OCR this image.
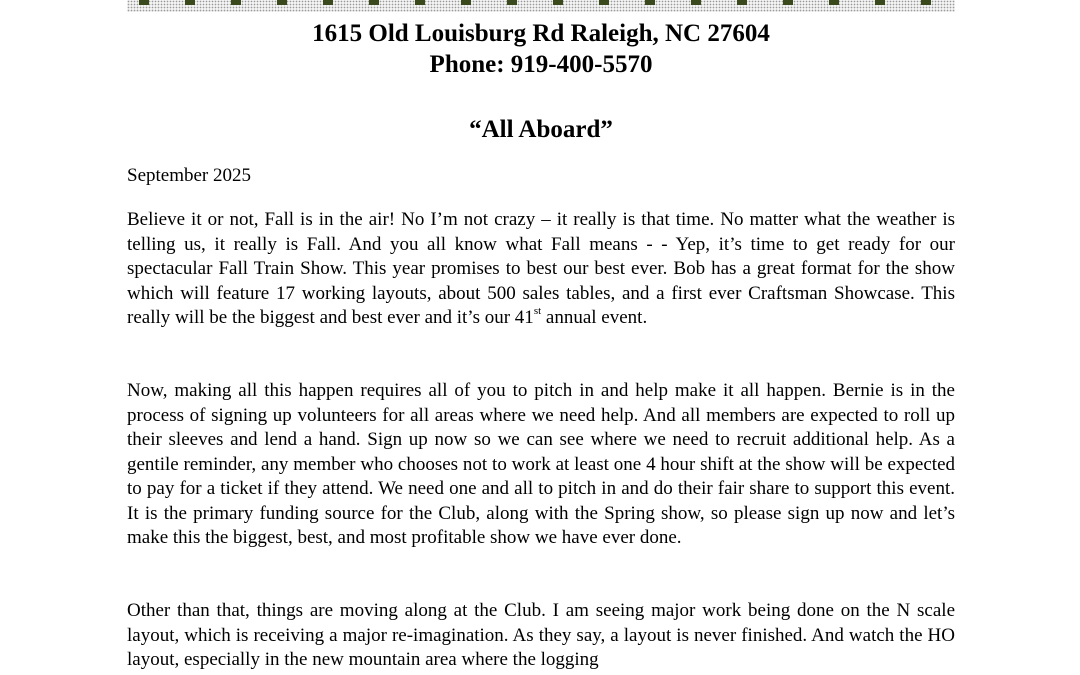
1615 Old Louisburg Rd Raleigh, NC 27604
Phone: 919-400-5570
“All Aboard”
September 2025

Believe it or not, Fall is in the air! No I’m not crazy – it really is that time. No matter what the weather is telling us, it really is Fall. And you all know what Fall means - - Yep, it’s time to get ready for our spectacular Fall Train Show. This year promises to best our best ever. Bob has a great format for the show which will feature 17 working layouts, about 500 sales tables, and a first ever Craftsman Showcase. This really will be the biggest and best ever and it’s our 41st annual event.

Now, making all this happen requires all of you to pitch in and help make it all happen. Bernie is in the process of signing up volunteers for all areas where we need help. And all members are expected to roll up their sleeves and lend a hand. Sign up now so we can see where we need to recruit additional help. As a gentile reminder, any member who chooses not to work at least one 4 hour shift at the show will be expected to pay for a ticket if they attend. We need one and all to pitch in and do their fair share to support this event. It is the primary funding source for the Club, along with the Spring show, so please sign up now and let’s make this the biggest, best, and most profitable show we have ever done.

Other than that, things are moving along at the Club. I am seeing major work being done on the N scale layout, which is receiving a major re-imagination. As they say, a layout is never finished. And watch the HO layout, especially in the new mountain area where the logging
